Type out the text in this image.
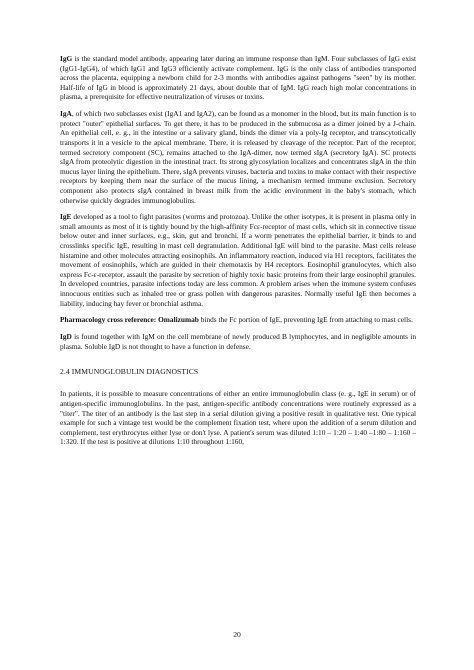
IgG is the standard model antibody, appearing later during an immune response than IgM. Four subclasses of IgG exist (IgG1-IgG4), of which IgG1 and IgG3 efficiently activate complement. IgG is the only class of antibodies transported across the placenta, equipping a newborn child for 2-3 months with antibodies against pathogens "seen" by its mother. Half-life of IgG in blood is approximately 21 days, about double that of IgM. IgG reach high molar concentrations in plasma, a prerequisite for effective neutralization of viruses or toxins.

IgA, of which two subclasses exist (IgA1 and IgA2), can be found as a monomer in the blood, but its main function is to protect "outer" epithelial surfaces. To get there, it has to be produced in the submucosa as a dimer joined by a J-chain. An epithelial cell, e. g., in the intestine or a salivary gland, binds the dimer via a poly-Ig receptor, and transcytotically transports it in a vesicle to the apical membrane. There, it is released by cleavage of the receptor. Part of the receptor, termed secretory component (SC), remains attached to the IgA-dimer, now termed sIgA (secretory IgA). SC protects sIgA from proteolytic digestion in the intestinal tract. Its strong glycosylation localizes and concentrates sIgA in the thin mucus layer lining the epithelium. There, sIgA prevents viruses, bacteria and toxins to make contact with their respective receptors by keeping them near the surface of the mucus lining, a mechanism termed immune exclusion. Secretory component also protects sIgA contained in breast milk from the acidic environment in the baby's stomach, which otherwise quickly degrades immunoglobulins.

IgE developed as a tool to fight parasites (worms and protozoa). Unlike the other isotypes, it is present in plasma only in small amounts as most of it is tightly bound by the high-affinity Fcε-receptor of mast cells, which sit in connective tissue below outer and inner surfaces, e.g., skin, gut and bronchi. If a worm penetrates the epithelial barrier, it binds to and crosslinks specific IgE, resulting in mast cell degranulation. Additional IgE will bind to the parasite. Mast cells release histamine and other molecules attracting eosinophils. An inflammatory reaction, induced via H1 receptors, facilitates the movement of eosinophils, which are guided in their chemotaxis by H4 receptors. Eosinophil granulocytes, which also express Fc-ε-receptor, assault the parasite by secretion of highly toxic basic proteins from their large eosinophil granules. In developed countries, parasite infections today are less common. A problem arises when the immune system confuses innocuous entities such as inhaled tree or grass pollen with dangerous parasites. Normally useful IgE then becomes a liability, inducing hay fever or bronchial asthma.

Pharmacology cross reference: Omalizumab binds the Fc portion of IgE, preventing IgE from attaching to mast cells.

IgD is found together with IgM on the cell membrane of newly produced B lymphocytes, and in negligible amounts in plasma. Soluble IgD is not thought to have a function in defense.

2.4 IMMUNOGLOBULIN DIAGNOSTICS

In patients, it is possible to measure concentrations of either an entire immunoglobulin class (e. g., IgE in serum) or of antigen-specific immunoglobulins. In the past, antigen-specific antibody concentrations were routinely expressed as a "titer". The titer of an antibody is the last step in a serial dilution giving a positive result in qualitative test. One typical example for such a vintage test would be the complement fixation test, where upon the addition of a serum dilution and complement, test erythrocytes either lyse or don't lyse. A patient's serum was diluted 1:10 – 1:20 – 1:40 –1:80 – 1:160 – 1:320. If the test is positive at dilutions 1:10 throughout 1:160,

20
